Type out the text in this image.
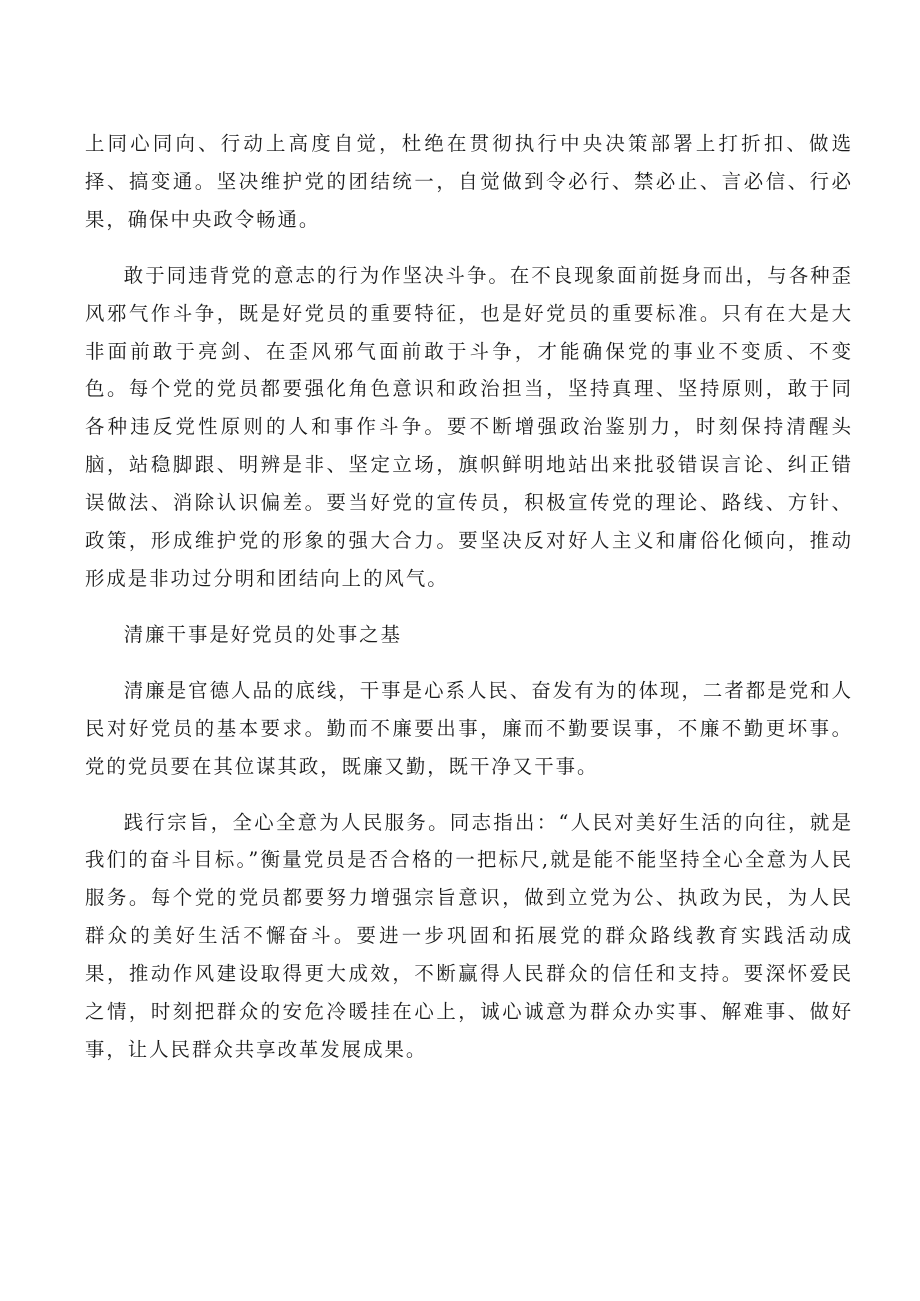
上同心同向、行动上高度自觉，杜绝在贯彻执行中央决策部署上打折扣、做选择、搞变通。坚决维护党的团结统一，自觉做到令必行、禁必止、言必信、行必果，确保中央政令畅通。

敢于同违背党的意志的行为作坚决斗争。在不良现象面前挺身而出，与各种歪风邪气作斗争，既是好党员的重要特征，也是好党员的重要标准。只有在大是大非面前敢于亮剑、在歪风邪气面前敢于斗争，才能确保党的事业不变质、不变色。每个党的党员都要强化角色意识和政治担当，坚持真理、坚持原则，敢于同各种违反党性原则的人和事作斗争。要不断增强政治鉴别力，时刻保持清醒头脑，站稳脚跟、明辨是非、坚定立场，旗帜鲜明地站出来批驳错误言论、纠正错误做法、消除认识偏差。要当好党的宣传员，积极宣传党的理论、路线、方针、政策，形成维护党的形象的强大合力。要坚决反对好人主义和庸俗化倾向，推动形成是非功过分明和团结向上的风气。

清廉干事是好党员的处事之基

清廉是官德人品的底线，干事是心系人民、奋发有为的体现，二者都是党和人民对好党员的基本要求。勤而不廉要出事，廉而不勤要误事，不廉不勤更坏事。党的党员要在其位谋其政，既廉又勤，既干净又干事。

践行宗旨，全心全意为人民服务。同志指出：“人民对美好生活的向往，就是我们的奋斗目标。”衡量党员是否合格的一把标尺,就是能不能坚持全心全意为人民服务。每个党的党员都要努力增强宗旨意识，做到立党为公、执政为民，为人民群众的美好生活不懈奋斗。要进一步巩固和拓展党的群众路线教育实践活动成果，推动作风建设取得更大成效，不断赢得人民群众的信任和支持。要深怀爱民之情，时刻把群众的安危冷暖挂在心上，诚心诚意为群众办实事、解难事、做好事，让人民群众共享改革发展成果。
